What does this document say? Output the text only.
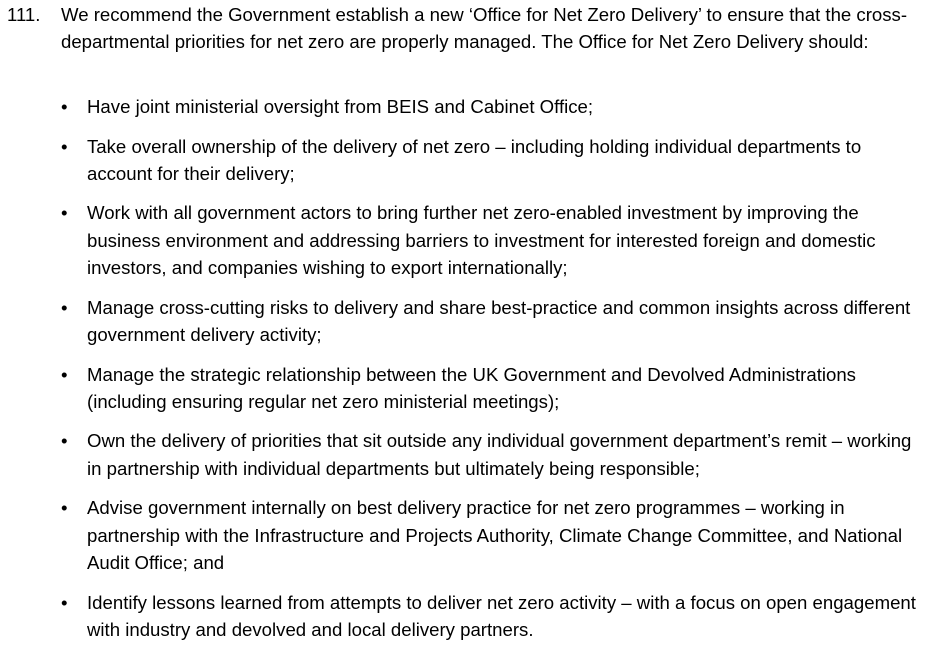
111. We recommend the Government establish a new ‘Office for Net Zero Delivery’ to ensure that the cross-departmental priorities for net zero are properly managed. The Office for Net Zero Delivery should:
• Have joint ministerial oversight from BEIS and Cabinet Office;
• Take overall ownership of the delivery of net zero – including holding individual departments to account for their delivery;
• Work with all government actors to bring further net zero-enabled investment by improving the business environment and addressing barriers to investment for interested foreign and domestic investors, and companies wishing to export internationally;
• Manage cross-cutting risks to delivery and share best-practice and common insights across different government delivery activity;
• Manage the strategic relationship between the UK Government and Devolved Administrations (including ensuring regular net zero ministerial meetings);
• Own the delivery of priorities that sit outside any individual government department’s remit – working in partnership with individual departments but ultimately being responsible;
• Advise government internally on best delivery practice for net zero programmes – working in partnership with the Infrastructure and Projects Authority, Climate Change Committee, and National Audit Office; and
• Identify lessons learned from attempts to deliver net zero activity – with a focus on open engagement with industry and devolved and local delivery partners.
